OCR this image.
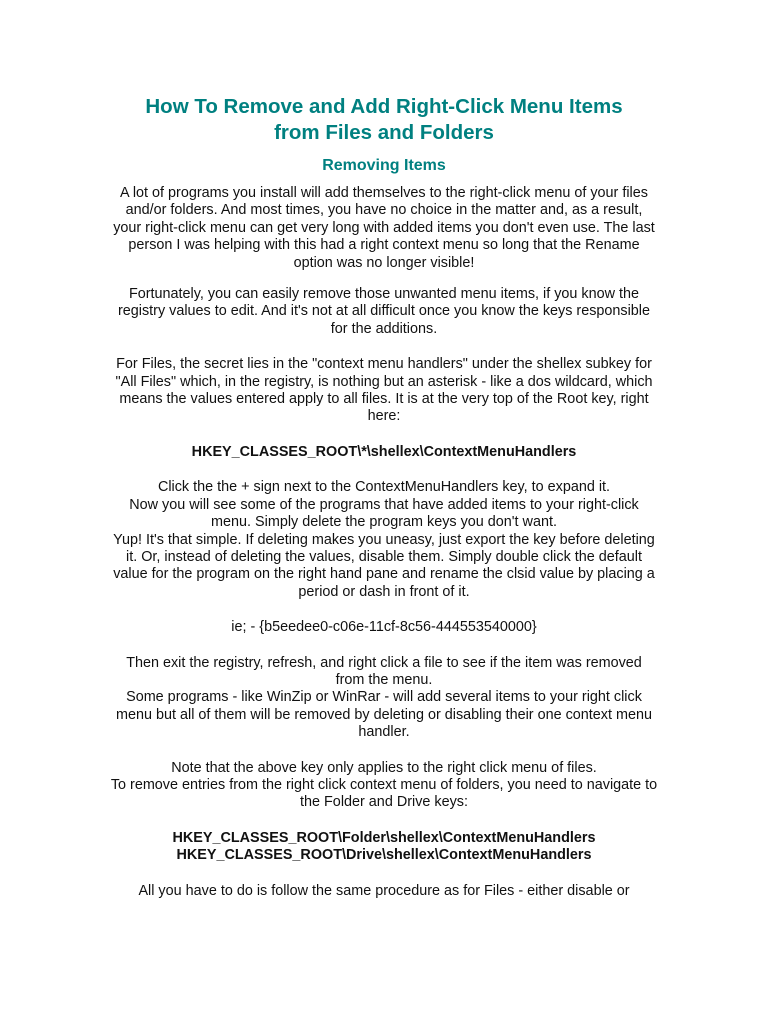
How To Remove and Add Right-Click Menu Items
from Files and Folders
Removing Items

A lot of programs you install will add themselves to the right-click menu of your files and/or folders. And most times, you have no choice in the matter and, as a result, your right-click menu can get very long with added items you don't even use. The last person I was helping with this had a right context menu so long that the Rename option was no longer visible!

Fortunately, you can easily remove those unwanted menu items, if you know the registry values to edit. And it's not at all difficult once you know the keys responsible for the additions.

For Files, the secret lies in the "context menu handlers" under the shellex subkey for "All Files" which, in the registry, is nothing but an asterisk - like a dos wildcard, which means the values entered apply to all files. It is at the very top of the Root key, right here:

HKEY_CLASSES_ROOT\*\shellex\ContextMenuHandlers

Click the the + sign next to the ContextMenuHandlers key, to expand it.

Now you will see some of the programs that have added items to your right-click menu. Simply delete the program keys you don't want.

Yup! It's that simple. If deleting makes you uneasy, just export the key before deleting it. Or, instead of deleting the values, disable them. Simply double click the default value for the program on the right hand pane and rename the clsid value by placing a period or dash in front of it.

ie; - {b5eedee0-c06e-11cf-8c56-444553540000}

Then exit the registry, refresh, and right click a file to see if the item was removed from the menu.

Some programs - like WinZip or WinRar - will add several items to your right click menu but all of them will be removed by deleting or disabling their one context menu handler.

Note that the above key only applies to the right click menu of files.

To remove entries from the right click context menu of folders, you need to navigate to the Folder and Drive keys:

HKEY_CLASSES_ROOT\Folder\shellex\ContextMenuHandlers

HKEY_CLASSES_ROOT\Drive\shellex\ContextMenuHandlers

All you have to do is follow the same procedure as for Files - either disable or
